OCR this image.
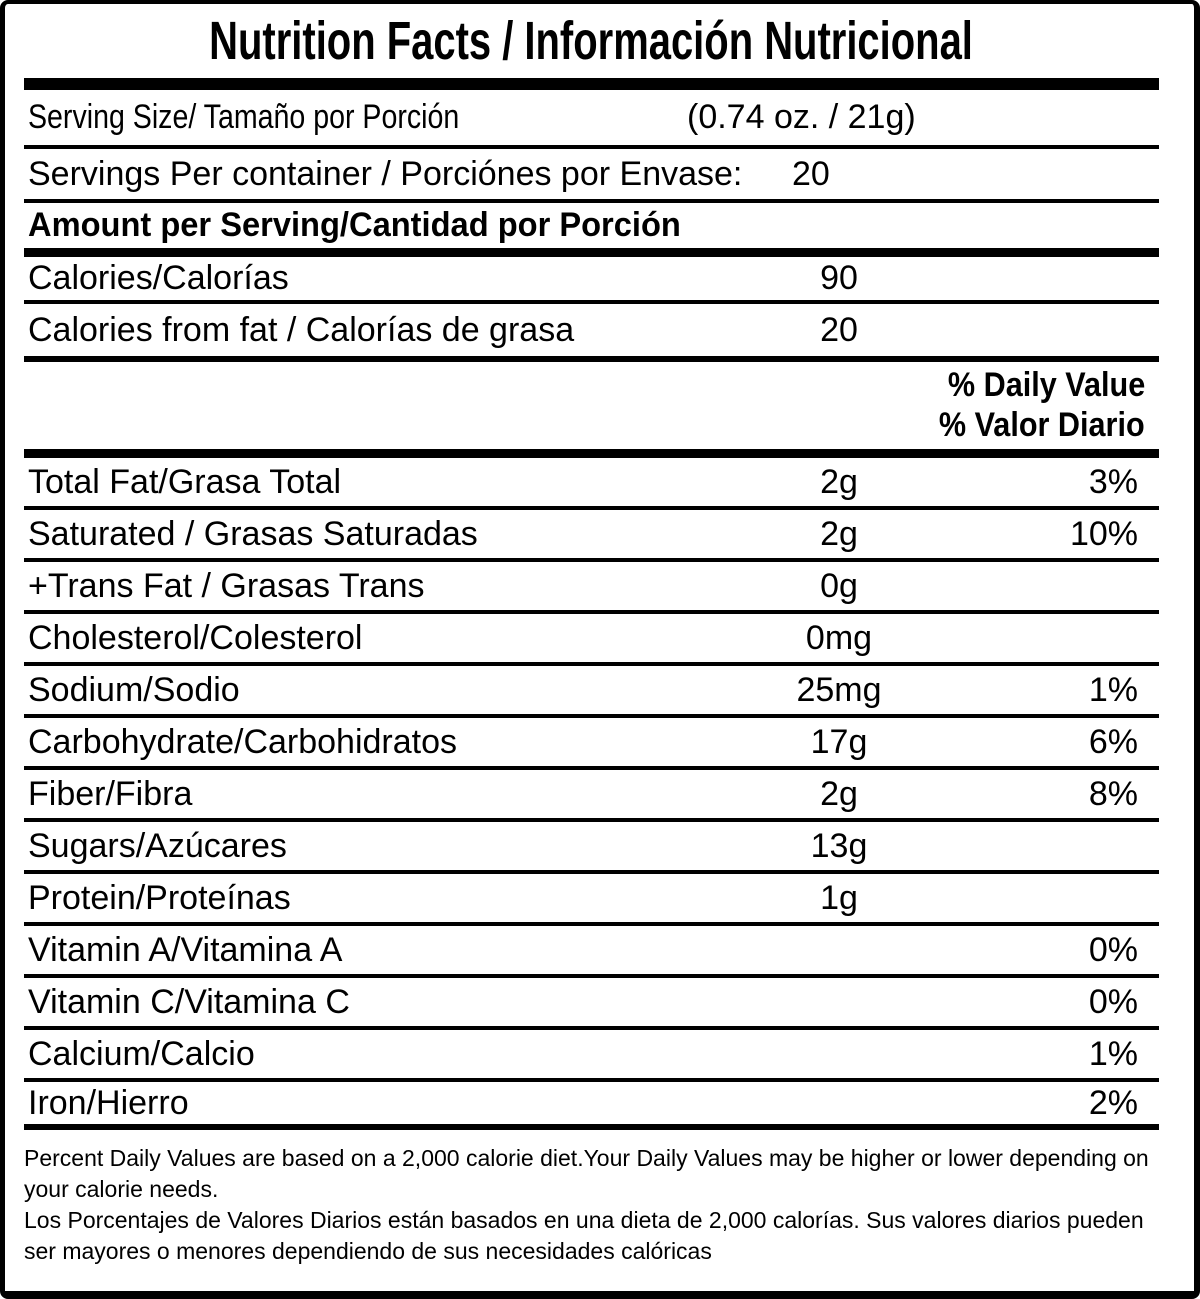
Nutrition Facts / Información Nutricional
Serving Size/ Tamaño por Porción	(0.74 oz. / 21g)
Servings Per container / Porciónes por Envase: 20
Amount per Serving/Cantidad por Porción
Calories/Calorías	90
Calories from fat / Calorías de grasa	20
% Daily Value
% Valor Diario
Total Fat/Grasa Total	2g	3%
Saturated / Grasas Saturadas	2g	10%
+Trans Fat / Grasas Trans	0g
Cholesterol/Colesterol	0mg
Sodium/Sodio	25mg	1%
Carbohydrate/Carbohidratos	17g	6%
Fiber/Fibra	2g	8%
Sugars/Azúcares	13g
Protein/Proteínas	1g
Vitamin A/Vitamina A	0%
Vitamin C/Vitamina C	0%
Calcium/Calcio	1%
Iron/Hierro	2%

Percent Daily Values are based on a 2,000 calorie diet.Your Daily Values may be higher or lower depending on your calorie needs.

Los Porcentajes de Valores Diarios están basados en una dieta de 2,000 calorías. Sus valores diarios pueden ser mayores o menores dependiendo de sus necesidades calóricas
